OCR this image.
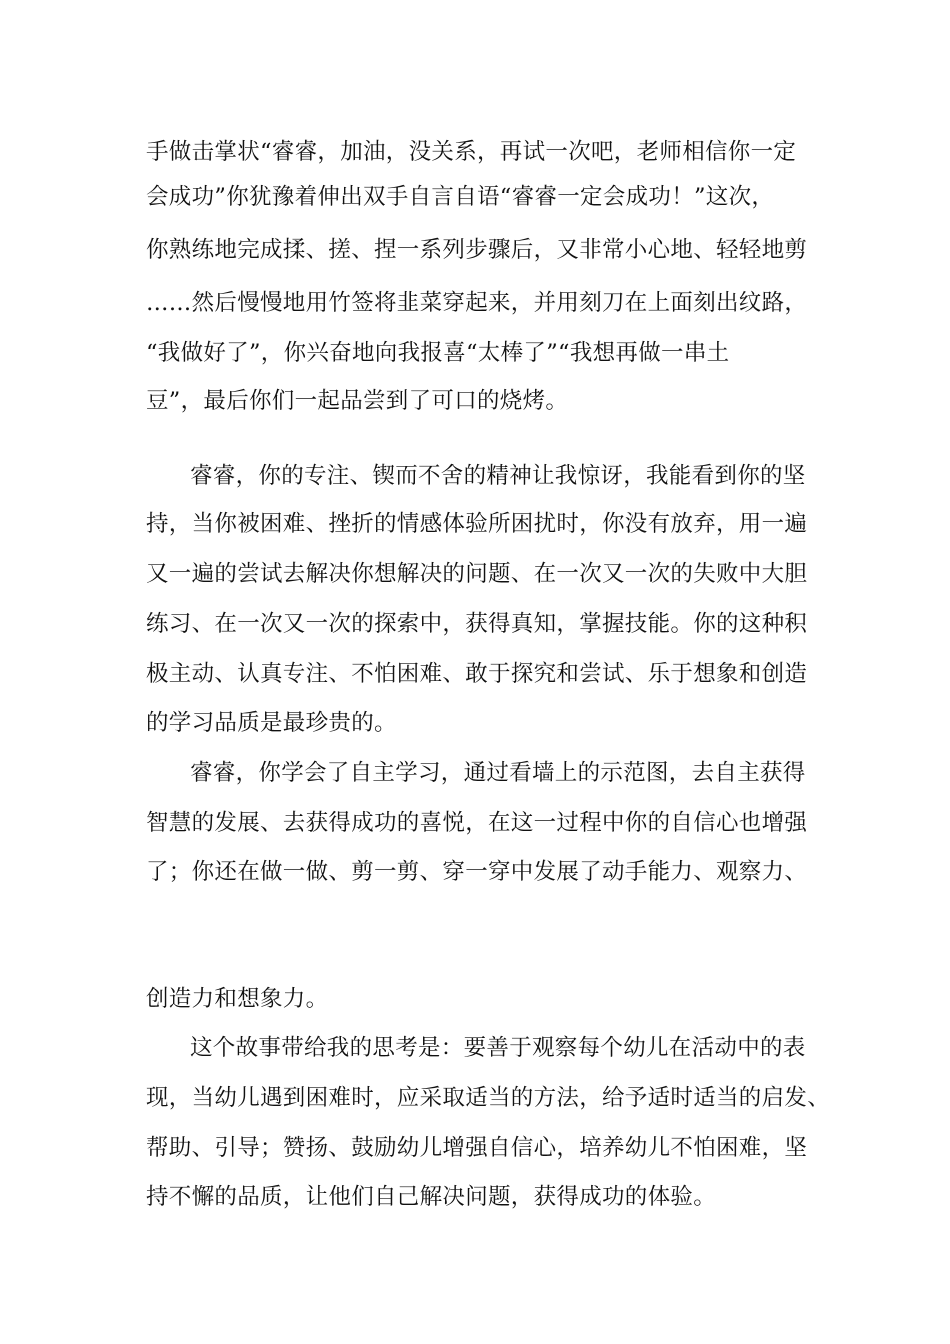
手做击掌状“睿睿，加油，没关系，再试一次吧，老师相信你一定
会成功”你犹豫着伸出双手自言自语“睿睿一定会成功！”这次，
你熟练地完成揉、搓、捏一系列步骤后，又非常小心地、轻轻地剪
……然后慢慢地用竹签将韭菜穿起来，并用刻刀在上面刻出纹路，
“我做好了”，你兴奋地向我报喜“太棒了”“我想再做一串土
豆”，最后你们一起品尝到了可口的烧烤。
睿睿，你的专注、锲而不舍的精神让我惊讶，我能看到你的坚
持，当你被困难、挫折的情感体验所困扰时，你没有放弃，用一遍
又一遍的尝试去解决你想解决的问题、在一次又一次的失败中大胆
练习、在一次又一次的探索中，获得真知，掌握技能。你的这种积
极主动、认真专注、不怕困难、敢于探究和尝试、乐于想象和创造
的学习品质是最珍贵的。
睿睿，你学会了自主学习，通过看墙上的示范图，去自主获得
智慧的发展、去获得成功的喜悦，在这一过程中你的自信心也增强
了；你还在做一做、剪一剪、穿一穿中发展了动手能力、观察力、
创造力和想象力。
这个故事带给我的思考是：要善于观察每个幼儿在活动中的表
现，当幼儿遇到困难时，应采取适当的方法，给予适时适当的启发、
帮助、引导；赞扬、鼓励幼儿增强自信心，培养幼儿不怕困难，坚
持不懈的品质，让他们自己解决问题，获得成功的体验。
